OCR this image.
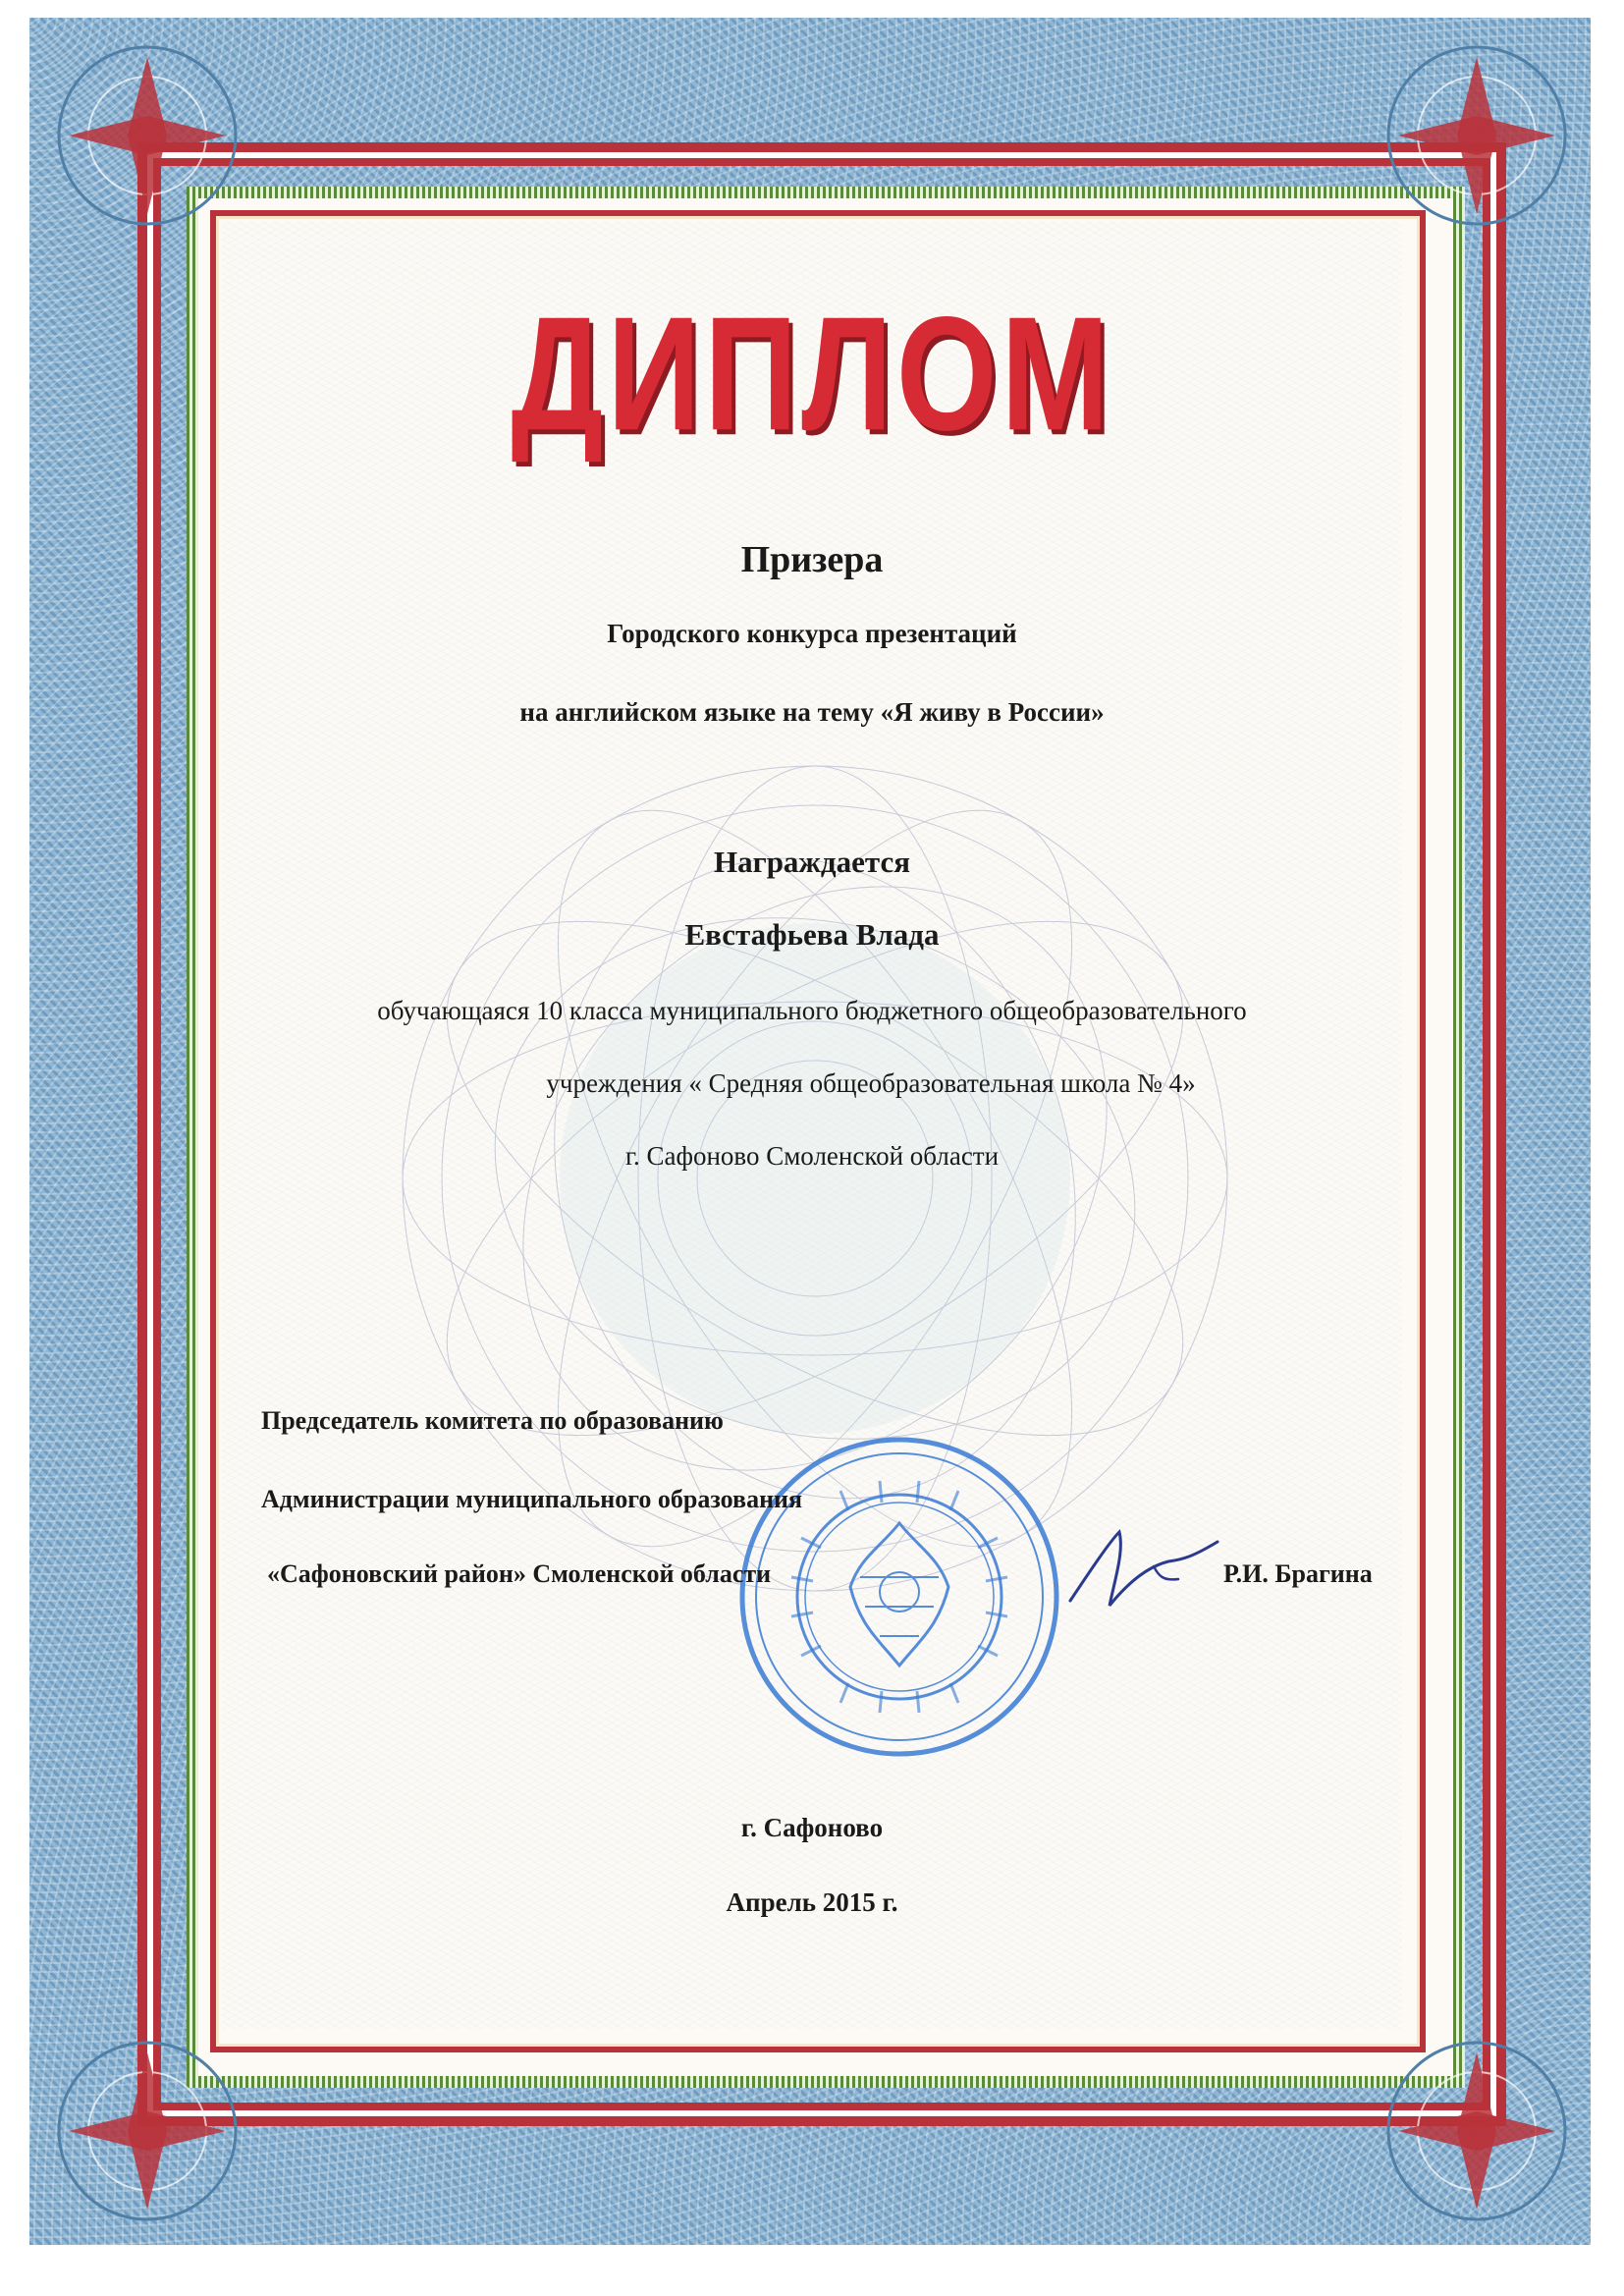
ДИПЛОМ
Призера
Городского конкурса презентаций
на английском языке на тему «Я живу в России»
Награждается
Евстафьева Влада
обучающаяся 10 класса муниципального бюджетного общеобразовательного
учреждения « Средняя общеобразовательная школа № 4»
г. Сафоново Смоленской области
Председатель комитета по образованию
Администрации муниципального образования
«Сафоновский район» Смоленской области	Р.И. Брагина
г. Сафоново
Апрель 2015 г.
